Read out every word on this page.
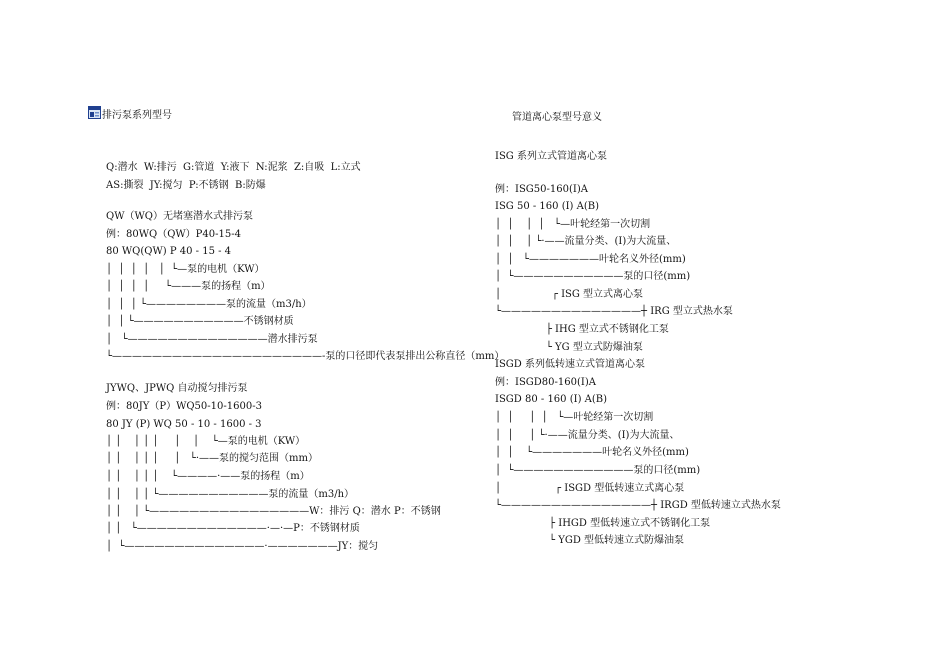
排污泵系列型号	管道离心泵型号意义
Q:潜水  W:排污  G:管道  Y:液下  N:泥浆  Z:自吸  L:立式
AS:撕裂  JY:搅匀  P:不锈钢  B:防爆
QW（WQ）无堵塞潜水式排污泵
例：80WQ（QW）P40-15-4
80 WQ(QW) P 40 - 15 - 4
│  │  │  │   │  └—泵的电机（KW）
│  │  │  │     └———泵的扬程（m）
│  │  │ └————————泵的流量（m3/h）
│  │ └———————————不锈钢材质
│   └——————————————潜水排污泵
└—————————————————————-泵的口径即代表泵排出公称直径（mm）
JYWQ、JPWQ 自动搅匀排污泵
例：80JY（P）WQ50-10-1600-3
80 JY (P) WQ 50 - 10 - 1600 - 3
│ │    │ │ │     │    │    └—泵的电机（KW）
│ │    │ │ │     │   └·——泵的搅匀范围（mm）
│ │    │ │ │    └————·——泵的扬程（m）
│ │    │ │ └———————————泵的流量（m3/h）
│ │    │ └————————————————W：排污 Q：潜水 P：不锈钢
│ │   └—————————————·—·—P：不锈钢材质
│  └——————————————·———————JY：搅匀
ISG 系列立式管道离心泵
例：ISG50-160(I)A
ISG 50 - 160 (I) A(B)
│  │    │  │   └—叶轮经第一次切割
│  │    │ └·——流量分类、(I)为大流量、
│  │   └———————叶轮名义外径(mm)
│  └———————————泵的口径(mm)
│                ┌ ISG 型立式离心泵
└——————————————┼ IRG 型立式热水泵
├ IHG 型立式不锈钢化工泵
└ YG 型立式防爆油泵
ISGD 系列低转速立式管道离心泵
例：ISGD80-160(I)A
ISGD 80 - 160 (I) A(B)
│  │     │  │   └—叶轮经第一次切割
│  │     │ └·——流量分类、(I)为大流量、
│  │    └———————叶轮名义外径(mm)
│  └————————————泵的口径(mm)
│                 ┌ ISGD 型低转速立式离心泵
└———————————————┼ IRGD 型低转速立式热水泵
├ IHGD 型低转速立式不锈钢化工泵
└ YGD 型低转速立式防爆油泵
